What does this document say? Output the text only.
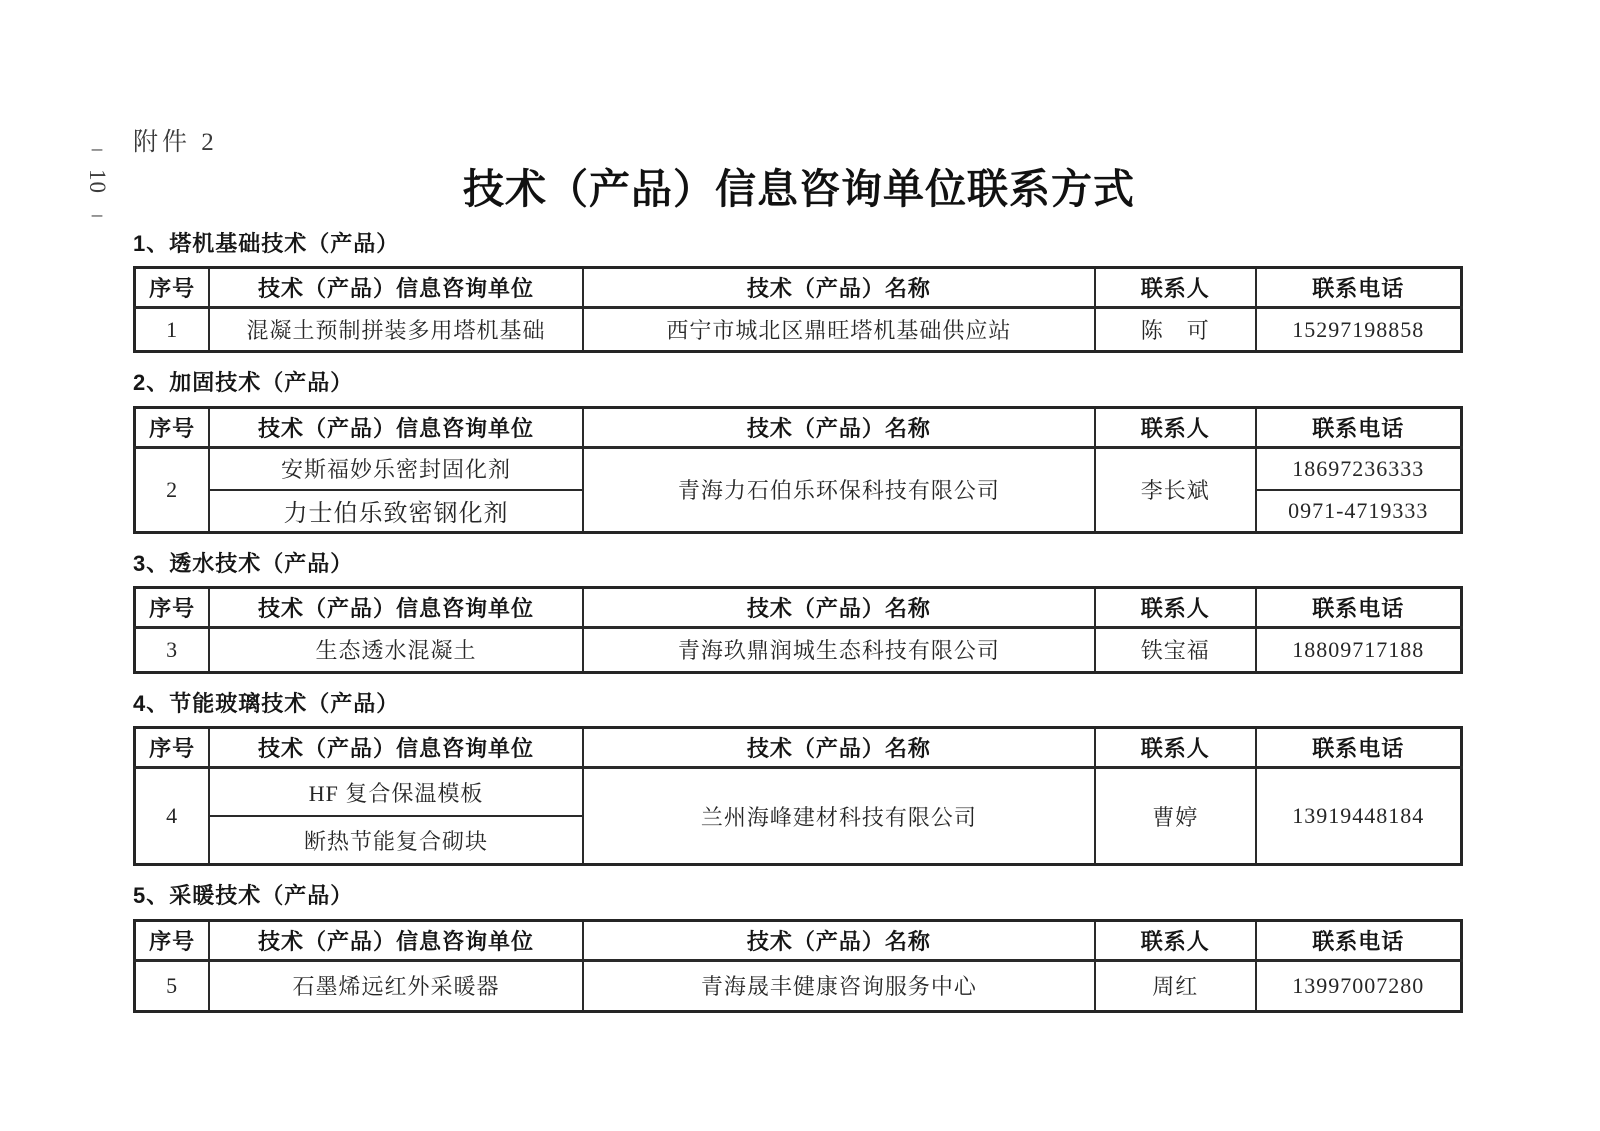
–
10
–
附件 2
技术（产品）信息咨询单位联系方式
1、塔机基础技术（产品）
序号	技术（产品）信息咨询单位	技术（产品）名称	联系人	联系电话
1	混凝土预制拼装多用塔机基础	西宁市城北区鼎旺塔机基础供应站	陈　可	15297198858
2、加固技术（产品）
序号	技术（产品）信息咨询单位	技术（产品）名称	联系人	联系电话
2	安斯福妙乐密封固化剂	青海力石伯乐环保科技有限公司	李长斌	18697236333
	力士伯乐致密钢化剂			0971-4719333
3、透水技术（产品）
序号	技术（产品）信息咨询单位	技术（产品）名称	联系人	联系电话
3	生态透水混凝土	青海玖鼎润城生态科技有限公司	铁宝福	18809717188
4、节能玻璃技术（产品）
序号	技术（产品）信息咨询单位	技术（产品）名称	联系人	联系电话
4	HF 复合保温模板	兰州海峰建材科技有限公司	曹婷	13919448184
	断热节能复合砌块			
5、采暖技术（产品）
序号	技术（产品）信息咨询单位	技术（产品）名称	联系人	联系电话
5	石墨烯远红外采暖器	青海晟丰健康咨询服务中心	周红	13997007280
